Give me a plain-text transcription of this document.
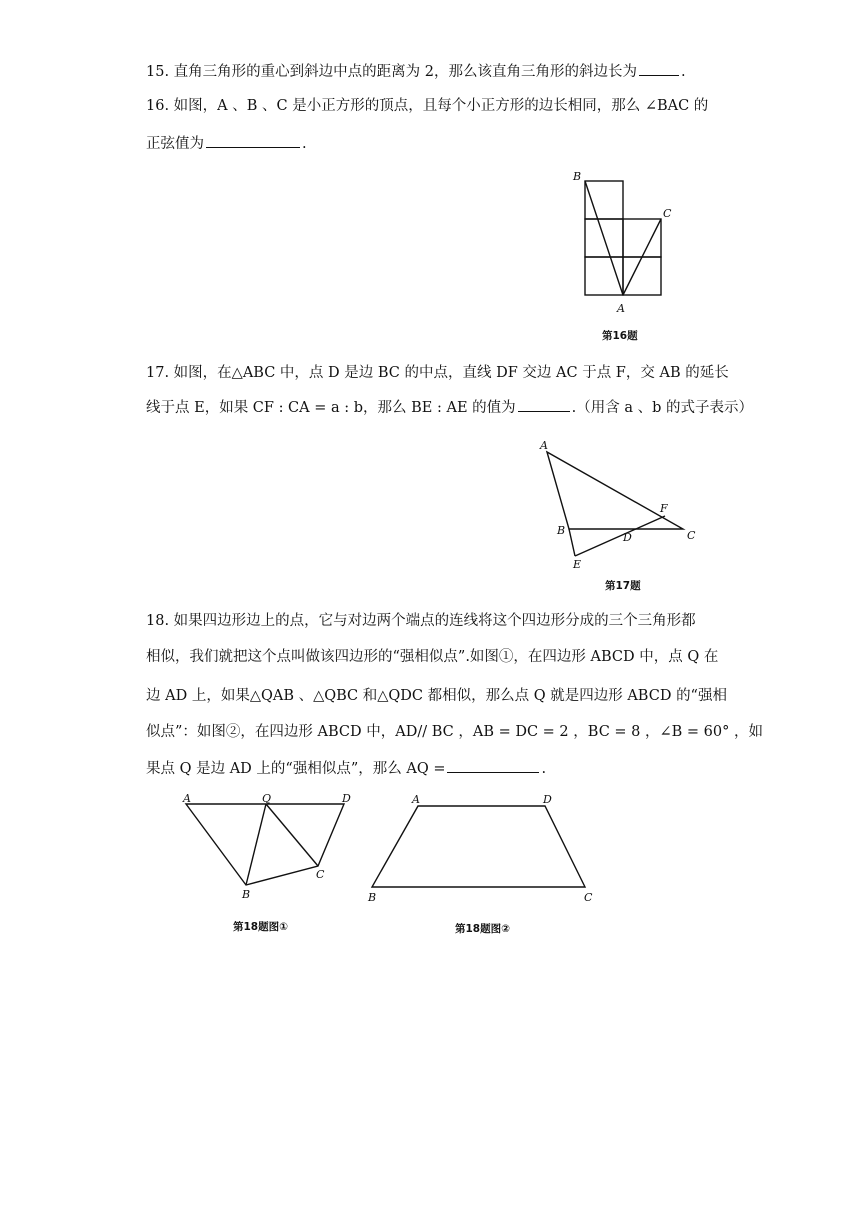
15. 直角三角形的重心到斜边中点的距离为 2，那么该直角三角形的斜边长为	.
16. 如图，A 、B 、C 是小正方形的顶点，且每个小正方形的边长相同，那么 ∠BAC 的
正弦值为	.
B
C
A
第16题
17. 如图，在△ABC 中，点 D 是边 BC 的中点，直线 DF 交边 AC 于点 F，交 AB 的延长
线于点 E，如果 CF : CA = a : b，那么 BE : AE 的值为	.（用含 a 、b 的式子表示）
A
B	C
D
E
F
第17题
18. 如果四边形边上的点，它与对边两个端点的连线将这个四边形分成的三个三角形都
相似，我们就把这个点叫做该四边形的“强相似点”.如图①，在四边形 ABCD 中，点 Q 在
边 AD 上，如果△QAB 、△QBC 和△QDC 都相似，那么点 Q 就是四边形 ABCD 的“强相
似点”：如图②，在四边形 ABCD 中，AD// BC ，AB = DC = 2 ，BC = 8 ，∠B = 60° ，如
果点 Q 是边 AD 上的“强相似点”，那么 AQ =	.
A	Q	D
B
C
第18题图①
A	D
B	C
第18题图②
